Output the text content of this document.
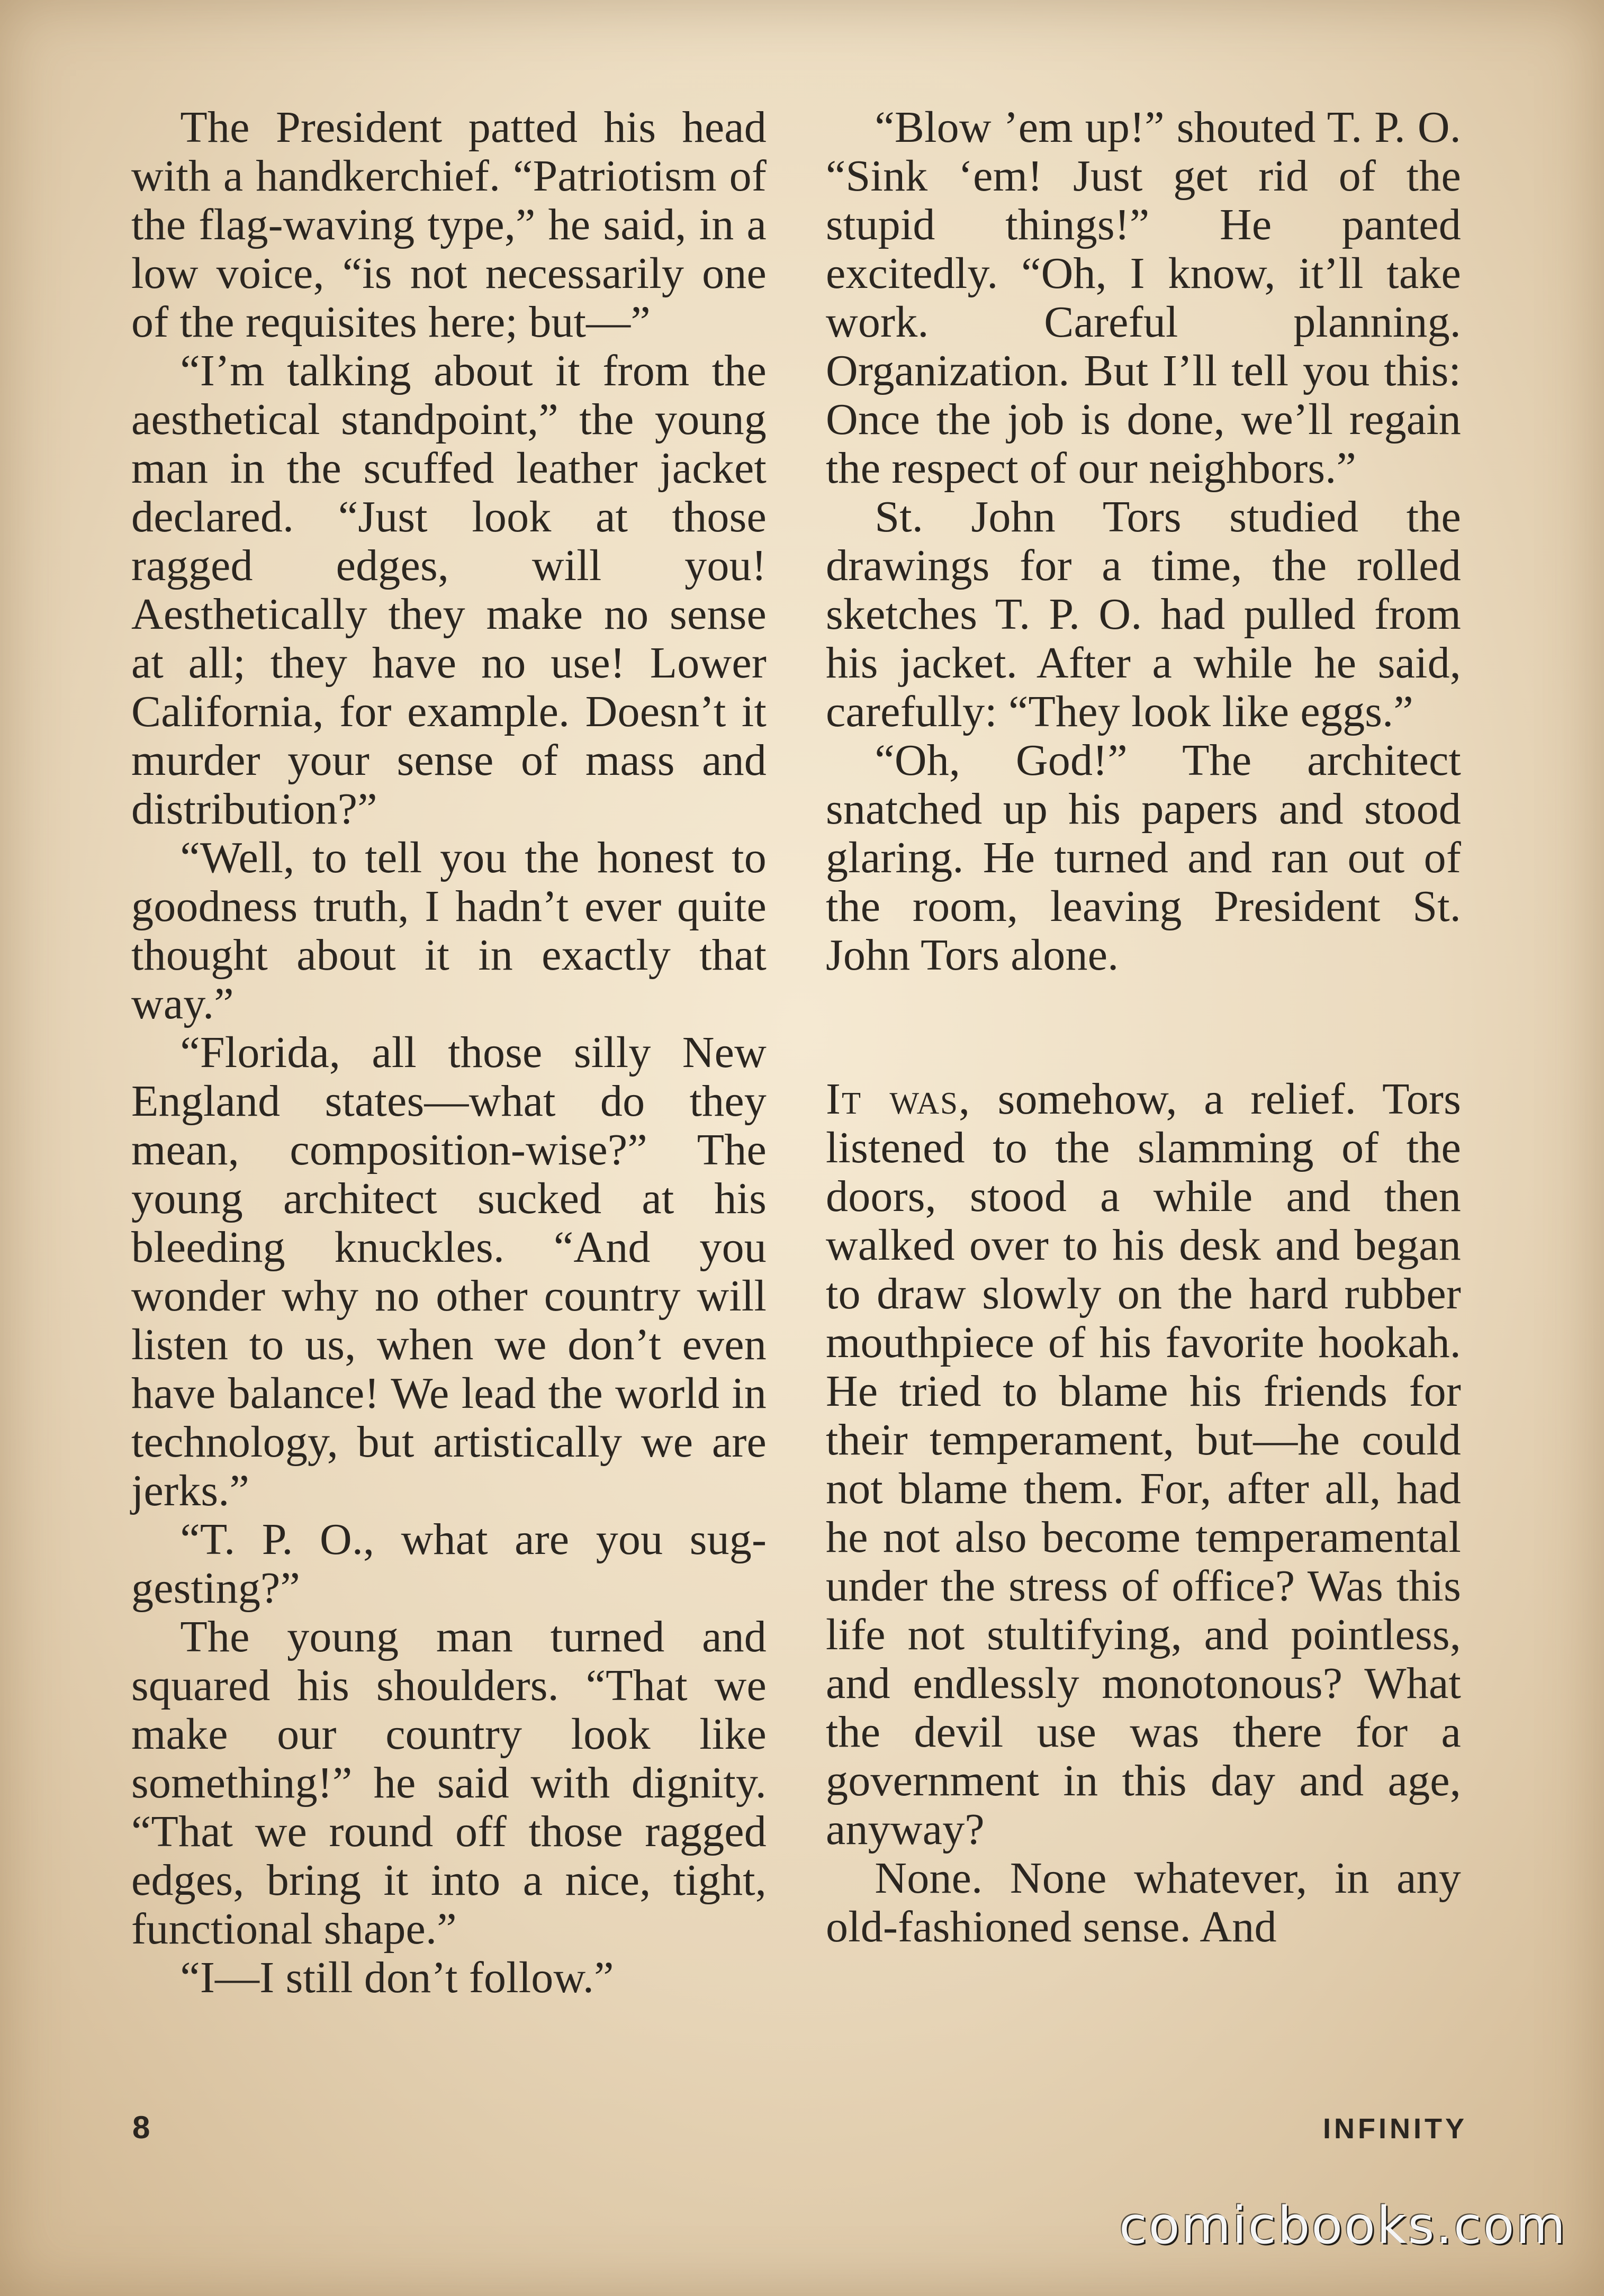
The President patted his head with a handkerchief. “Patriotism of the flag-waving type,” he said, in a low voice, “is not necessarily one of the requisites here; but—”

“I’m talking about it from the aesthetical standpoint,” the young man in the scuffed leather jacket declared. “Just look at those ragged edges, will you! Aesthetically they make no sense at all; they have no use! Lower California, for example. Doesn’t it murder your sense of mass and distribution?”

“Well, to tell you the honest to goodness truth, I hadn’t ever quite thought about it in exactly that way.”

“Florida, all those silly New England states—what do they mean, composition-wise?” The young architect sucked at his bleeding knuckles. “And you wonder why no other country will listen to us, when we don’t even have balance! We lead the world in technology, but artistically we are jerks.”

“T. P. O., what are you suggesting?”

The young man turned and squared his shoulders. “That we make our country look like something!” he said with dignity. “That we round off those ragged edges, bring it into a nice, tight, functional shape.”

“I—I still don’t follow.”

“Blow ’em up!” shouted T. P. O. “Sink ‘em! Just get rid of the stupid things!” He panted excitedly. “Oh, I know, it’ll take work. Careful planning. Organization. But I’ll tell you this: Once the job is done, we’ll regain the respect of our neighbors.”

St. John Tors studied the drawings for a time, the rolled sketches T. P. O. had pulled from his jacket. After a while he said, carefully: “They look like eggs.”

“Oh, God!” The architect snatched up his papers and stood glaring. He turned and ran out of the room, leaving President St. John Tors alone.

It was, somehow, a relief. Tors listened to the slamming of the doors, stood a while and then walked over to his desk and began to draw slowly on the hard rubber mouthpiece of his favorite hookah. He tried to blame his friends for their temperament, but—he could not blame them. For, after all, had he not also become temperamental under the stress of office? Was this life not stultifying, and pointless, and endlessly monotonous? What the devil use was there for a government in this day and age, anyway?

None. None whatever, in any old-fashioned sense. And

8	INFINITY
comicbooks.com
